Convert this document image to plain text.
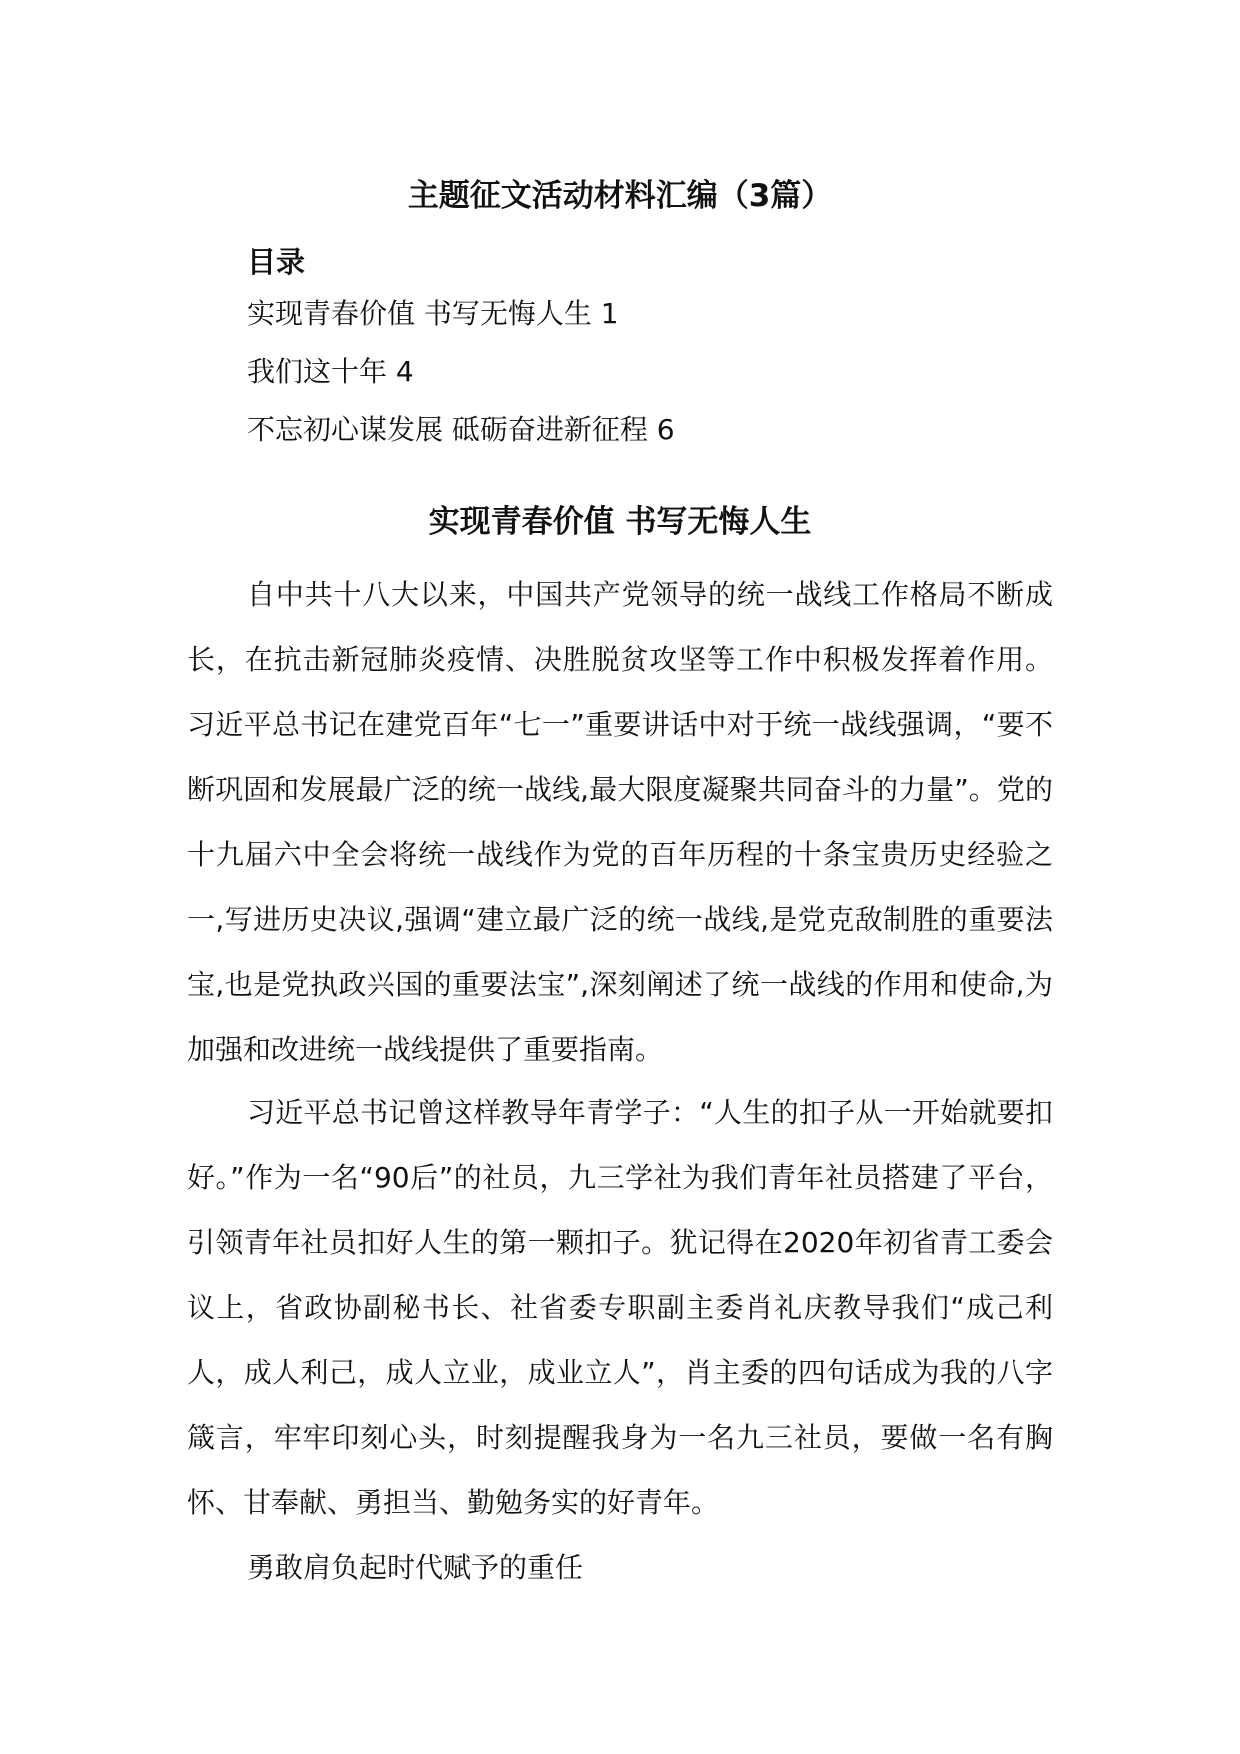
主题征文活动材料汇编（3篇）
目录
实现青春价值 书写无悔人生 1
我们这十年 4
不忘初心谋发展 砥砺奋进新征程 6
实现青春价值 书写无悔人生

自中共十八大以来，中国共产党领导的统一战线工作格局不断成长，在抗击新冠肺炎疫情、决胜脱贫攻坚等工作中积极发挥着作用。习近平总书记在建党百年“七一”重要讲话中对于统一战线强调，“要不断巩固和发展最广泛的统一战线,最大限度凝聚共同奋斗的力量”。党的十九届六中全会将统一战线作为党的百年历程的十条宝贵历史经验之一,写进历史决议,强调“建立最广泛的统一战线,是党克敌制胜的重要法宝,也是党执政兴国的重要法宝”,深刻阐述了统一战线的作用和使命,为加强和改进统一战线提供了重要指南。

习近平总书记曾这样教导年青学子：“人生的扣子从一开始就要扣好。”作为一名“90后”的社员，九三学社为我们青年社员搭建了平台，引领青年社员扣好人生的第一颗扣子。犹记得在2020年初省青工委会议上，省政协副秘书长、社省委专职副主委肖礼庆教导我们“成己利人，成人利己，成人立业，成业立人”，肖主委的四句话成为我的八字箴言，牢牢印刻心头，时刻提醒我身为一名九三社员，要做一名有胸怀、甘奉献、勇担当、勤勉务实的好青年。

勇敢肩负起时代赋予的重任
